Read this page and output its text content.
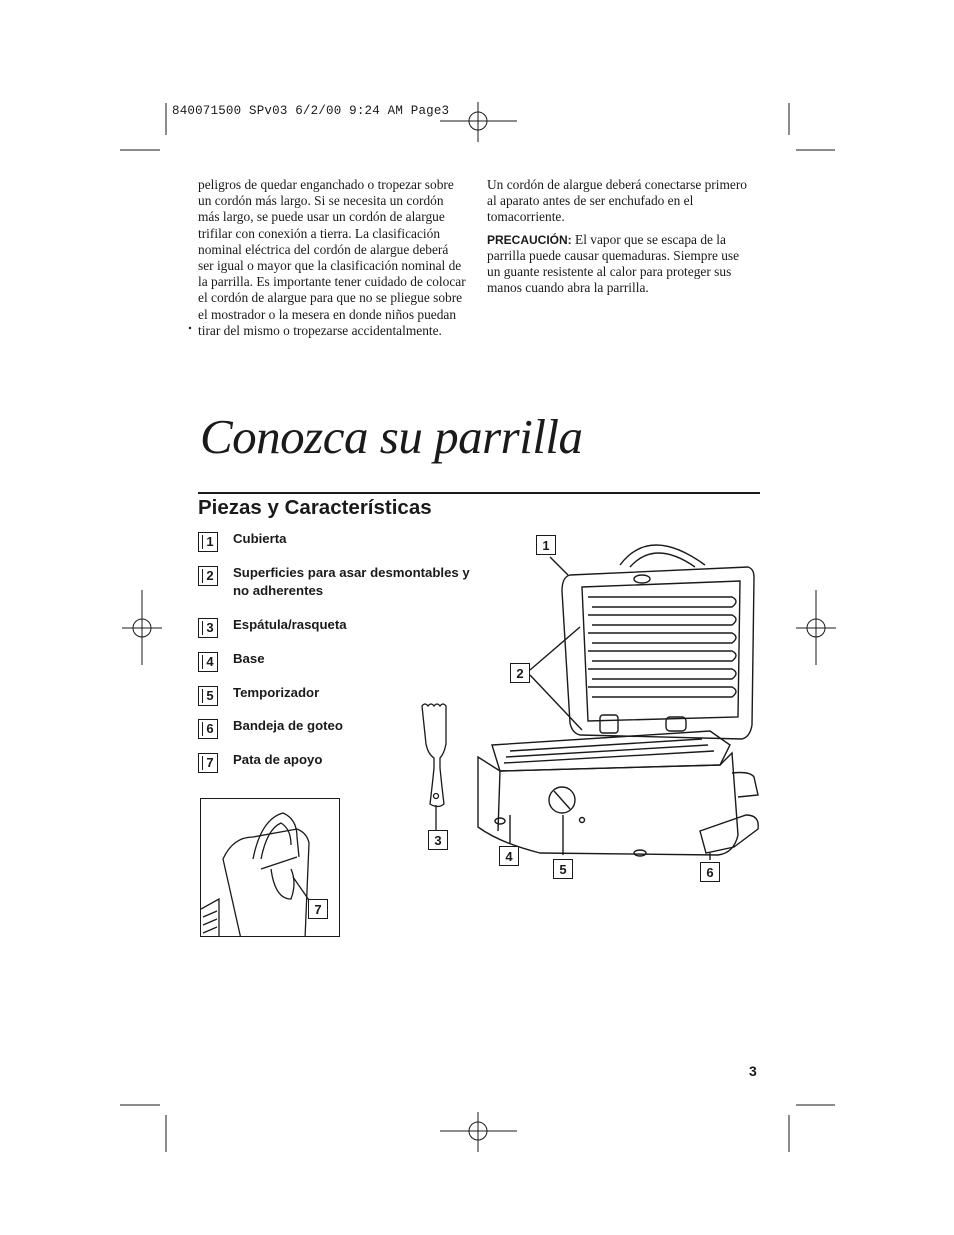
840071500 SPv03 6/2/00 9:24 AM Page3
peligros de quedar enganchado o tropezar sobre un cordón más largo. Si se necesita un cordón más largo, se puede usar un cordón de alargue trifilar con conexión a tierra. La clasificación nominal eléctrica del cordón de alargue deberá ser igual o mayor que la clasificación nominal de la parrilla. Es importante tener cuidado de colocar el cordón de alargue para que no se pliegue sobre el mostrador o la mesera en donde niños puedan tirar del mismo o tropezarse accidentalmente.

Un cordón de alargue deberá conectarse primero al aparato antes de ser enchufado en el tomacorriente.

PRECAUCIÓN: El vapor que se escapa de la parrilla puede causar quemaduras. Siempre use un guante resistente al calor para proteger sus manos cuando abra la parrilla.

Conozca su parrilla
Piezas y Características
1 Cubierta
2 Superficies para asar desmontables y no adherentes
3 Espátula/rasqueta
4 Base
5 Temporizador
6 Bandeja de goteo
7 Pata de apoyo
3
1
2
4
5	6
7
3
